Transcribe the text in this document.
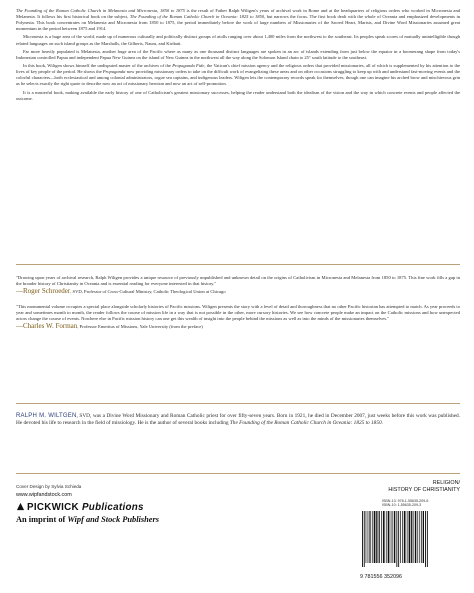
The Founding of the Roman Catholic Church in Melanesia and Micronesia, 1850 to 1875 is the result of Father Ralph Wiltgen's years of archival work in Rome and at the headquarters of religious orders who worked in Micronesia and Melanesia. It follows his first historical book on the subject, The Founding of the Roman Catholic Church in Oceania: 1825 to 1850, but narrows the focus. The first book dealt with the whole of Oceania and emphasized developments in Polynesia. This book concentrates on Melanesia and Micronesia from 1850 to 1875, the period immediately before the work of large numbers of Missionaries of the Sacred Heart, Marists, and Divine Word Missionaries assumed great momentum in the period between 1875 and 1914.

Micronesia is a huge area of the world, made up of numerous culturally and politically distinct groups of atolls ranging over about 1,400 miles from the northwest to the southeast. Its peoples speak scores of mutually unintelligible though related languages on such island groups as the Marshalls, the Gilberts, Nauru, and Kiribati.

Far more heavily populated is Melanesia, another huge area of the Pacific where as many as one thousand distinct languages are spoken in an arc of islands extending from just below the equator in a boomerang shape from today's Indonesian controlled Papua and independent Papua New Guinea on the island of New Guinea in the northwest all the way along the Solomon Island chain to 25° south latitude to the southeast.

In this book, Wiltgen shows himself the undisputed master of the archives of the Propaganda Fide, the Vatican's chief mission agency and the religious orders that provided missionaries, all of which is supplemented by his attention to the lives of key people of the period. He shows the Propaganda now providing missionary orders to take on the difficult work of evangelizing these areas and on other occasions struggling to keep up with and understand fast-moving events and the colorful characters—both ecclesiastical and among colonial administrators, rogue sea captains, and indigenous leaders. Wiltgen lets the contemporary records speak for themselves, though one can imagine his arched brow and mischievous grin as he selects exactly the right quote to describe now an act of missionary heroism and now an act of self-promotion.

It is a masterful book, making available the early history of one of Catholicism's greatest missionary successes, helping the reader understand both the idealism of the vision and the way in which concrete events and people affected the outcome.

"Drawing upon years of archival research, Ralph Wiltgen provides a unique resource of previously unpublished and unknown detail on the origins of Catholicism in Micronesia and Melanesia from 1850 to 1875. This fine work fills a gap in the broader history of Christianity in Oceania and is essential reading for everyone interested in that history."
—Roger Schroeder, SVD, Professor of Cross-Cultural Ministry, Catholic Theological Union at Chicago
"This monumental volume occupies a special place alongside scholarly histories of Pacific missions. Wiltgen presents the story with a level of detail and thoroughness that no other Pacific historian has attempted to match. As year proceeds to year and sometimes month to month, the reader follows the course of mission life in a way that is not possible in the other, more cursory histories. We see how concrete people make an impact on the Catholic missions and how unexpected actors change the course of events. Nowhere else in Pacific mission history can one get this wealth of insight into the people behind the missions as well as into the minds of the missionaries themselves."
—Charles W. Forman, Professor Emeritus of Missions, Yale University (from the preface)
RALPH M. WILTGEN, SVD, was a Divine Word Missionary and Roman Catholic priest for over fifty-seven years. Born in 1921, he died in December 2007, just weeks before this work was published. He devoted his life to research in the field of missiology. He is the author of several books including The Founding of the Roman Catholic Church in Oceania: 1825 to 1850.
Cover Design by Sylvia Schieda
www.wipfandstock.com
PICKWICK Publications
An imprint of Wipf and Stock Publishers
RELIGION/
HISTORY OF CHRISTIANITY
ISBN-13: 978-1-55635-209-6
ISBN-10: 1-55635-209-3
9 781556 352096
